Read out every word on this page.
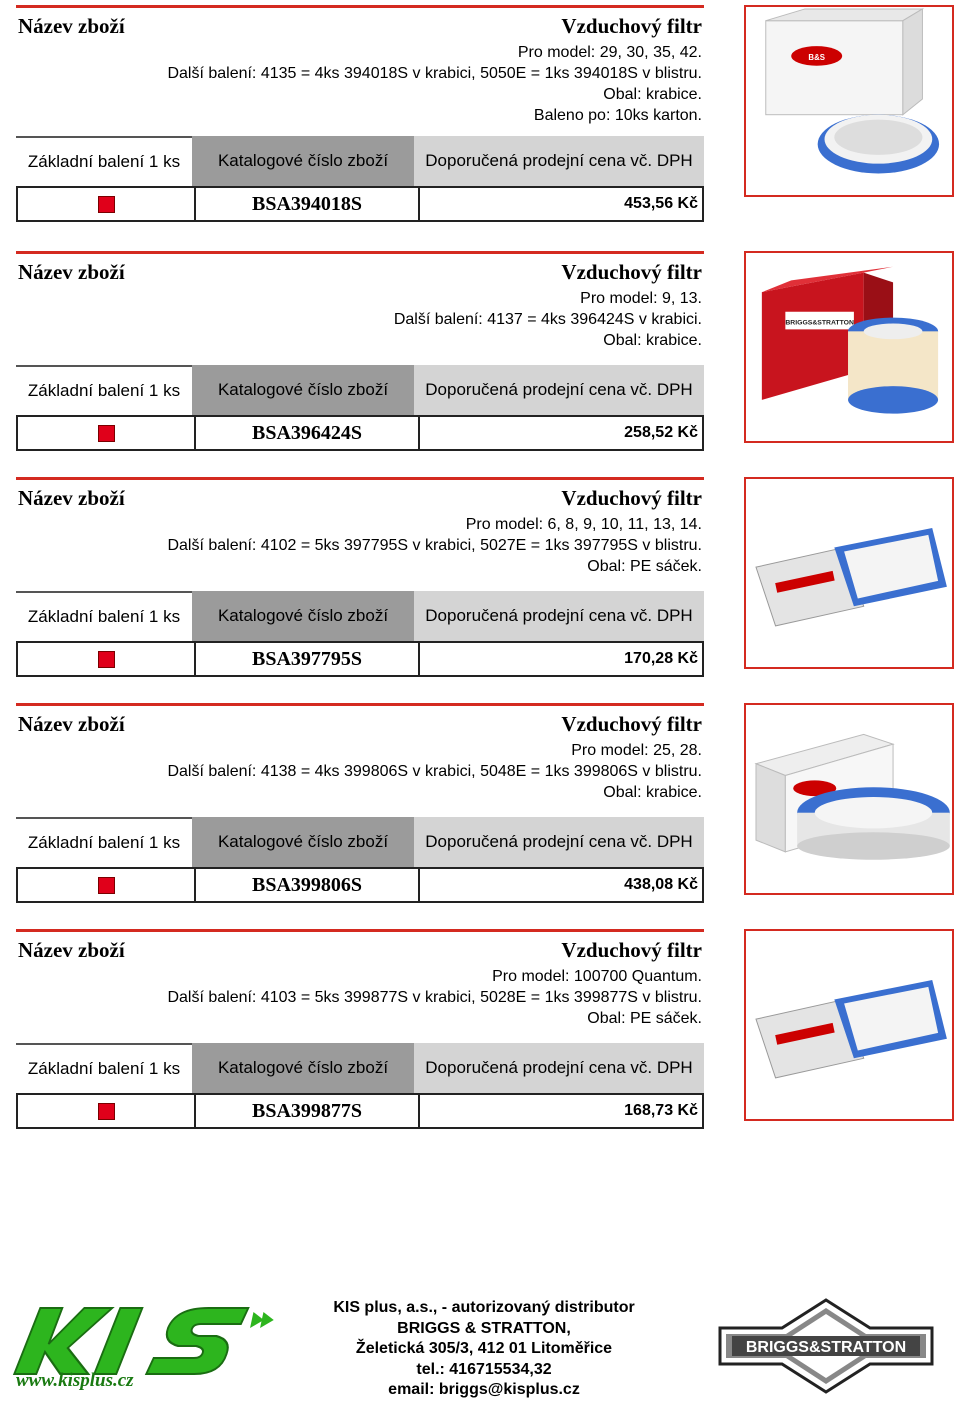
Název zboží	Vzduchový filtr
Pro model: 29, 30, 35, 42.
Další balení: 4135 = 4ks 394018S v krabici, 5050E = 1ks 394018S v blistru.
Obal: krabice.
Baleno po: 10ks karton.
Základní balení 1 ks	Katalogové číslo zboží	Doporučená prodejní cena vč. DPH
BSA394018S	453,56 Kč
B&S
Název zboží	Vzduchový filtr
Pro model: 9, 13.
Další balení: 4137 = 4ks 396424S v krabici.
Obal: krabice.
Základní balení 1 ks	Katalogové číslo zboží	Doporučená prodejní cena vč. DPH
BSA396424S	258,52 Kč
BRIGGS&STRATTON
Název zboží	Vzduchový filtr
Pro model: 6, 8, 9, 10, 11, 13, 14.
Další balení: 4102 = 5ks 397795S v krabici, 5027E = 1ks 397795S v blistru.
Obal: PE sáček.
Základní balení 1 ks	Katalogové číslo zboží	Doporučená prodejní cena vč. DPH
BSA397795S	170,28 Kč
Název zboží	Vzduchový filtr
Pro model: 25, 28.
Další balení: 4138 = 4ks 399806S v krabici, 5048E = 1ks 399806S v blistru.
Obal: krabice.
Základní balení 1 ks	Katalogové číslo zboží	Doporučená prodejní cena vč. DPH
BSA399806S	438,08 Kč
Název zboží	Vzduchový filtr
Pro model: 100700 Quantum.
Další balení: 4103 = 5ks 399877S v krabici, 5028E = 1ks 399877S v blistru.
Obal: PE sáček.
Základní balení 1 ks	Katalogové číslo zboží	Doporučená prodejní cena vč. DPH
BSA399877S	168,73 Kč
www.kisplus.cz
KIS plus, a.s., - autorizovaný distributor
BRIGGS & STRATTON,
Želetická 305/3, 412 01 Litoměřice
tel.: 416715534,32
email: briggs@kisplus.cz
BRIGGS&STRATTON
